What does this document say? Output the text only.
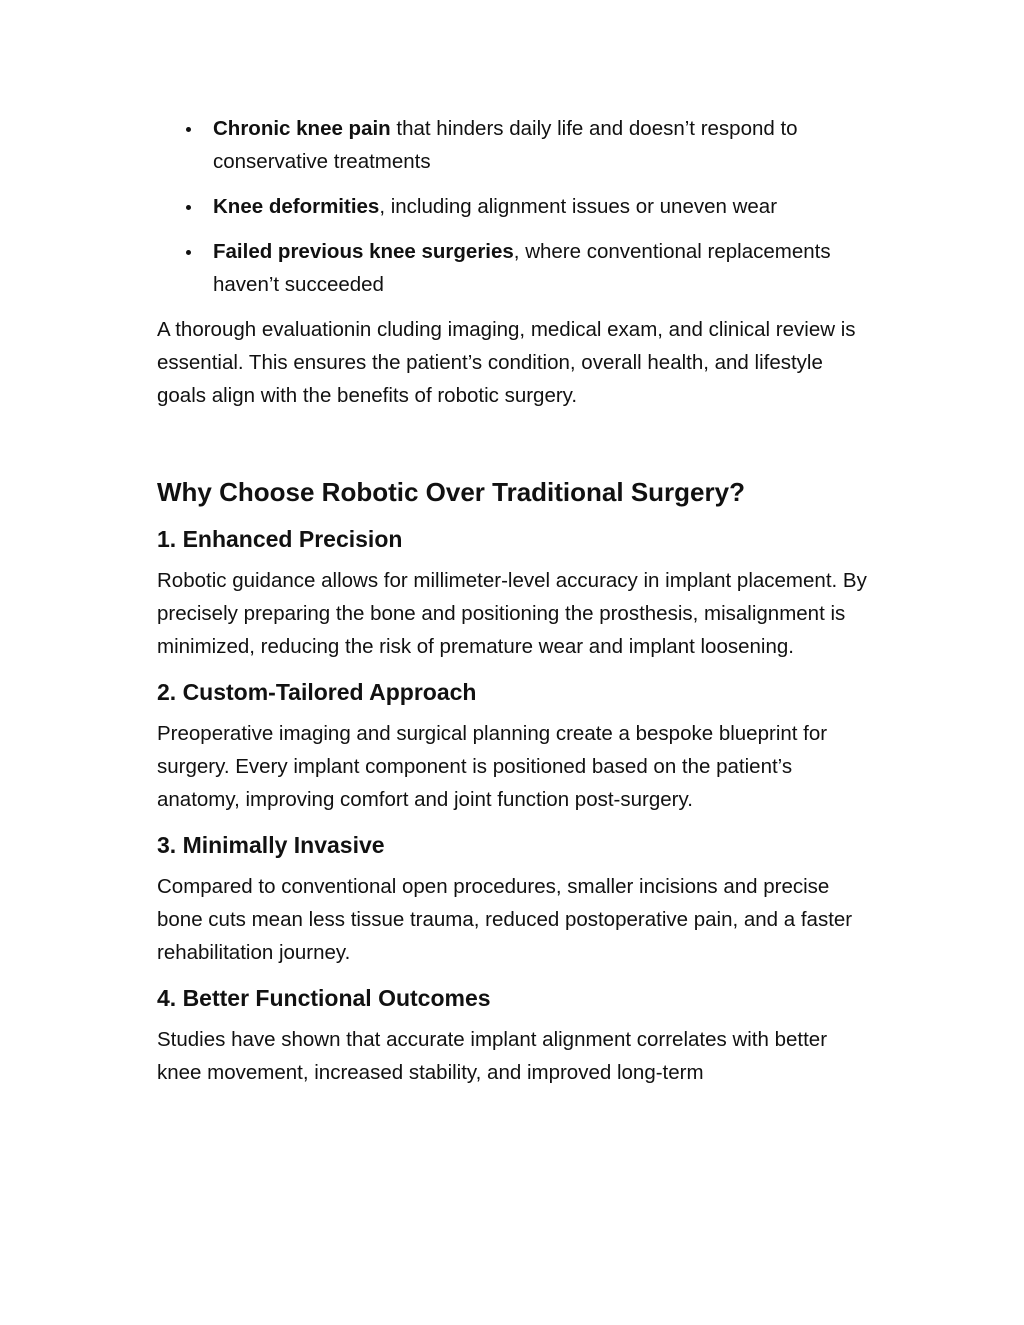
Chronic knee pain that hinders daily life and doesn’t respond to conservative treatments
Knee deformities, including alignment issues or uneven wear
Failed previous knee surgeries, where conventional replacements haven’t succeeded

A thorough evaluationin cluding imaging, medical exam, and clinical review is essential. This ensures the patient’s condition, overall health, and lifestyle goals align with the benefits of robotic surgery.

Why Choose Robotic Over Traditional Surgery?
1. Enhanced Precision

Robotic guidance allows for millimeter-level accuracy in implant placement. By precisely preparing the bone and positioning the prosthesis, misalignment is minimized, reducing the risk of premature wear and implant loosening.

2. Custom-Tailored Approach

Preoperative imaging and surgical planning create a bespoke blueprint for surgery. Every implant component is positioned based on the patient’s anatomy, improving comfort and joint function post-surgery.

3. Minimally Invasive

Compared to conventional open procedures, smaller incisions and precise bone cuts mean less tissue trauma, reduced postoperative pain, and a faster rehabilitation journey.

4. Better Functional Outcomes

Studies have shown that accurate implant alignment correlates with better knee movement, increased stability, and improved long-term
